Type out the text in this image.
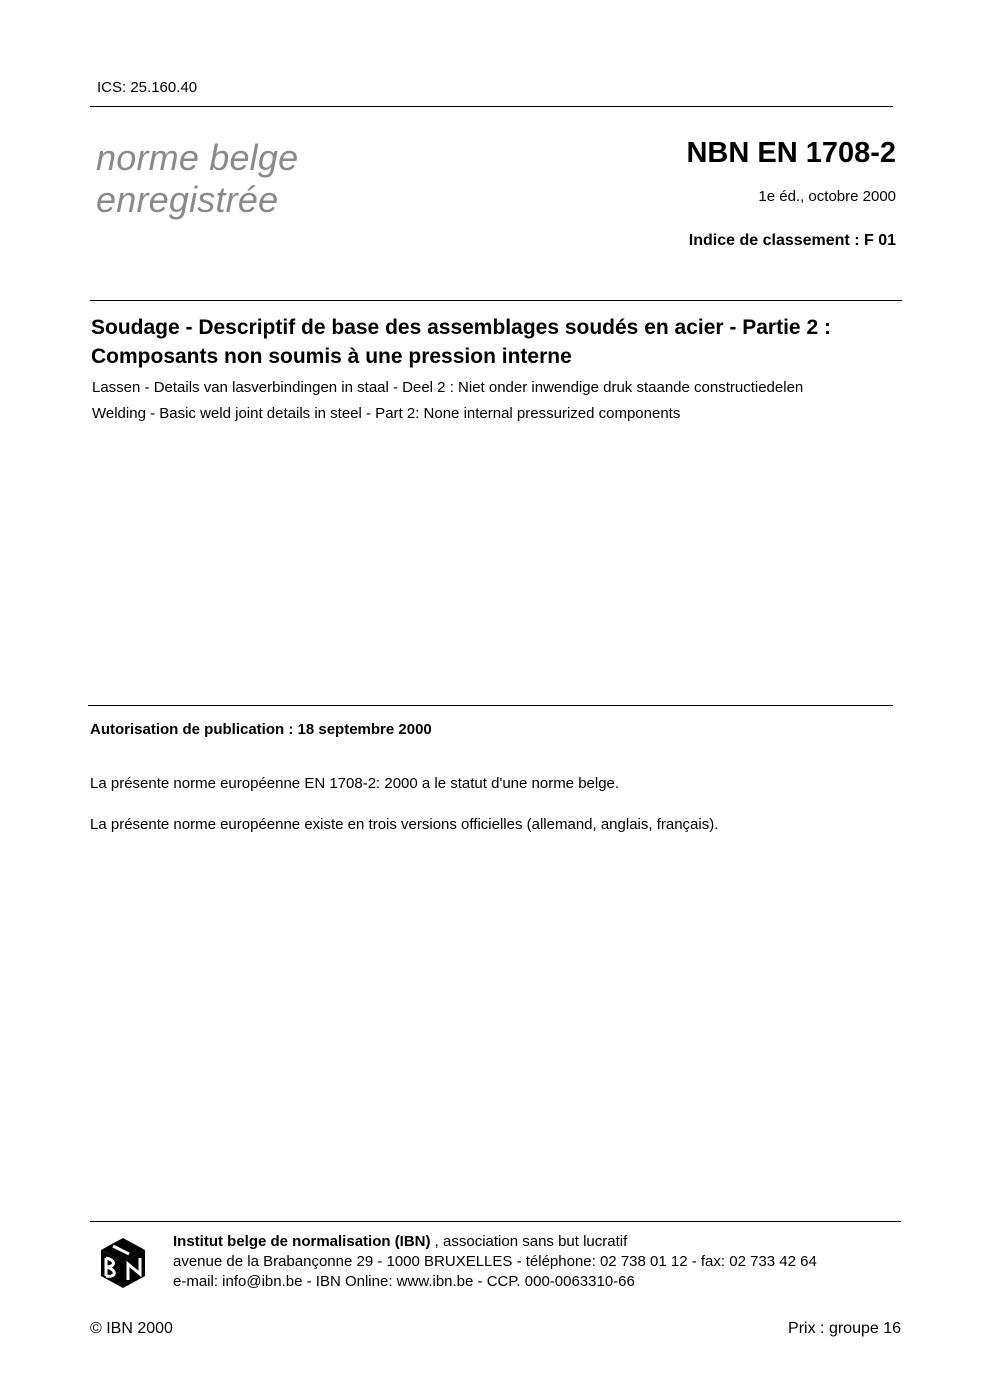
ICS: 25.160.40
norme belge
enregistrée
NBN EN 1708-2
1e éd., octobre 2000
Indice de classement : F 01
Soudage - Descriptif de base des assemblages soudés en acier - Partie 2 : Composants non soumis à une pression interne
Lassen - Details van lasverbindingen in staal - Deel 2 : Niet onder inwendige druk staande constructiedelen
Welding - Basic weld joint details in steel - Part 2: None internal pressurized components
Autorisation de publication : 18 septembre 2000
La présente norme européenne EN 1708-2: 2000 a le statut d'une norme belge.
La présente norme européenne existe en trois versions officielles (allemand, anglais, français).
Institut belge de normalisation (IBN) , association sans but lucratif
avenue de la Brabançonne 29 - 1000 BRUXELLES - téléphone: 02 738 01 12 - fax: 02 733 42 64
e-mail: info@ibn.be - IBN Online: www.ibn.be - CCP. 000-0063310-66
© IBN 2000	Prix : groupe 16
